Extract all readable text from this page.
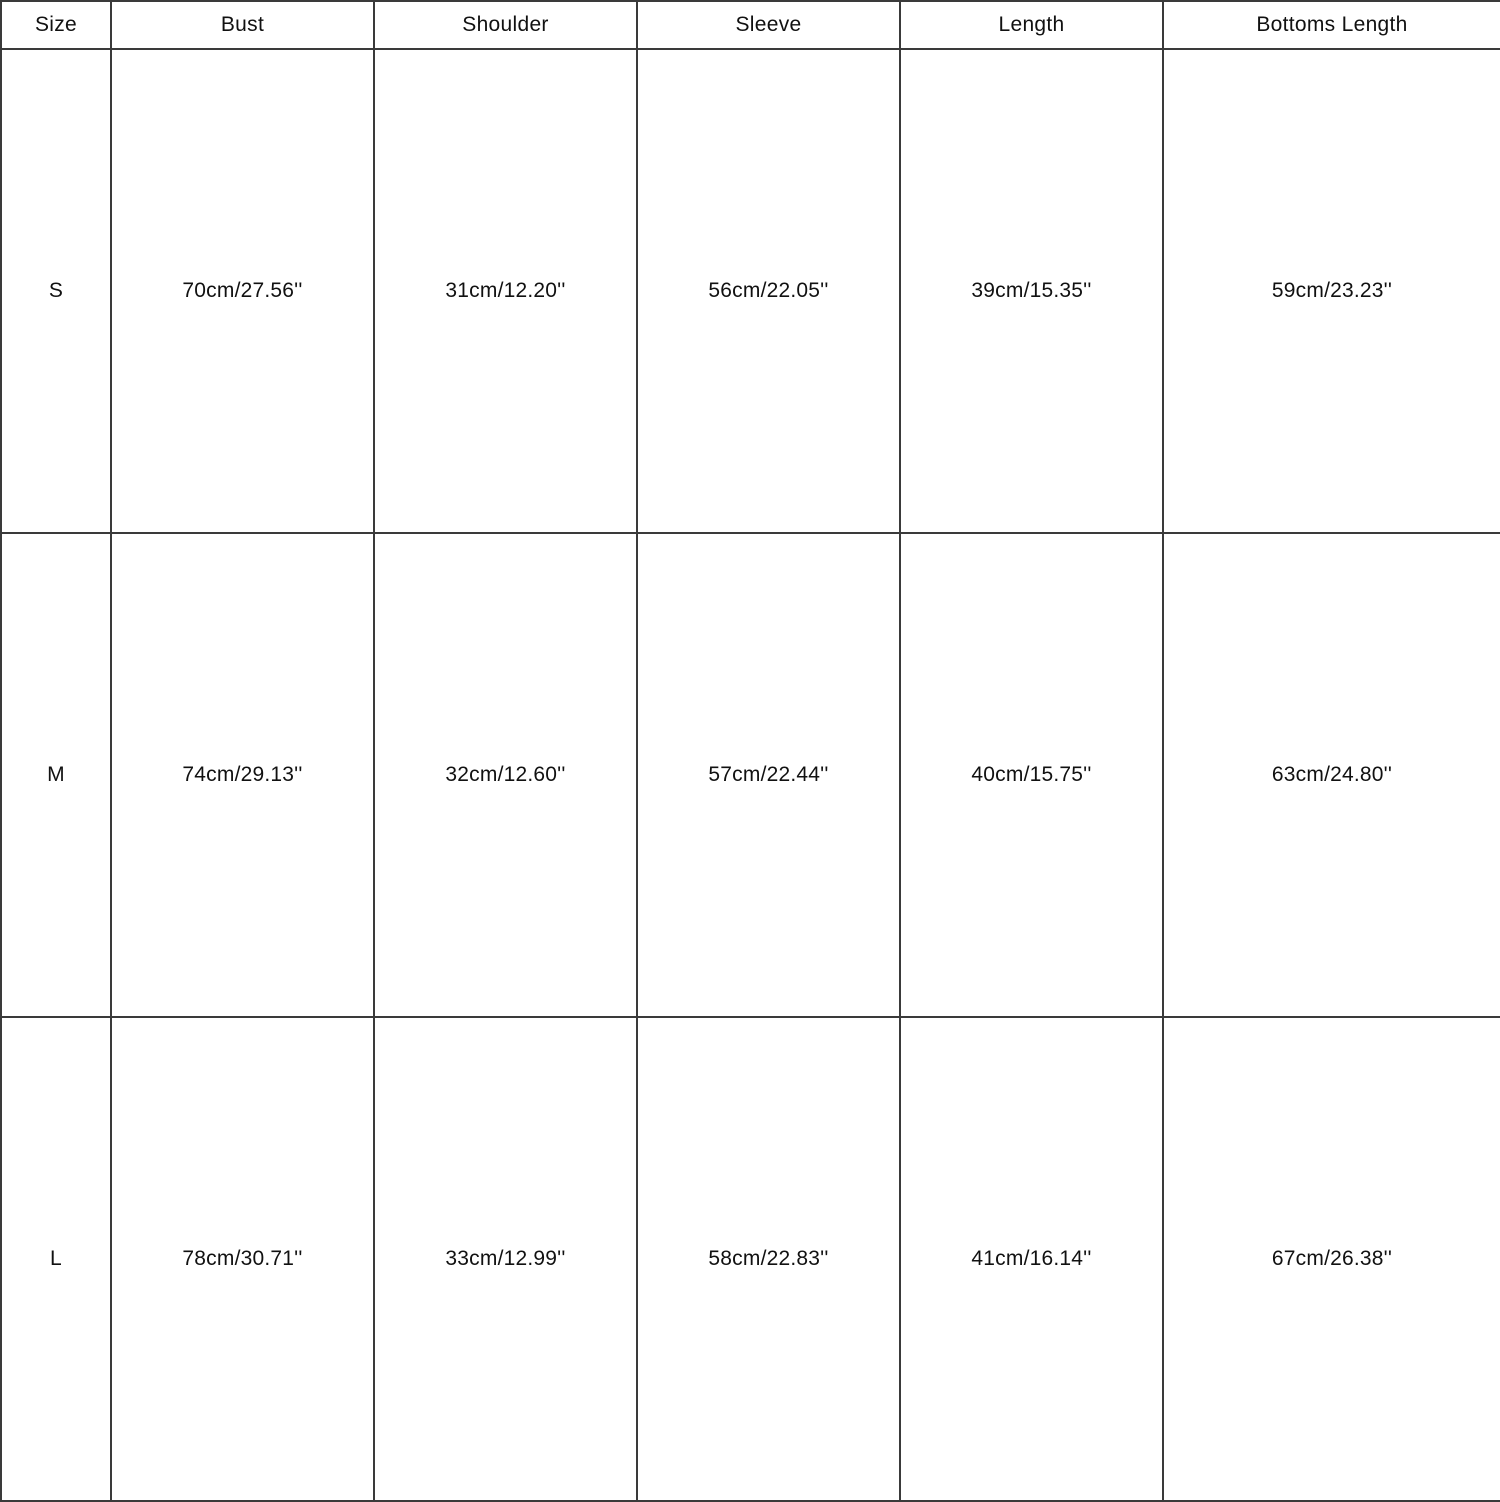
Size	Bust	Shoulder	Sleeve	Length	Bottoms Length
S	70cm/27.56''	31cm/12.20''	56cm/22.05''	39cm/15.35''	59cm/23.23''
M	74cm/29.13''	32cm/12.60''	57cm/22.44''	40cm/15.75''	63cm/24.80''
L	78cm/30.71''	33cm/12.99''	58cm/22.83''	41cm/16.14''	67cm/26.38''
